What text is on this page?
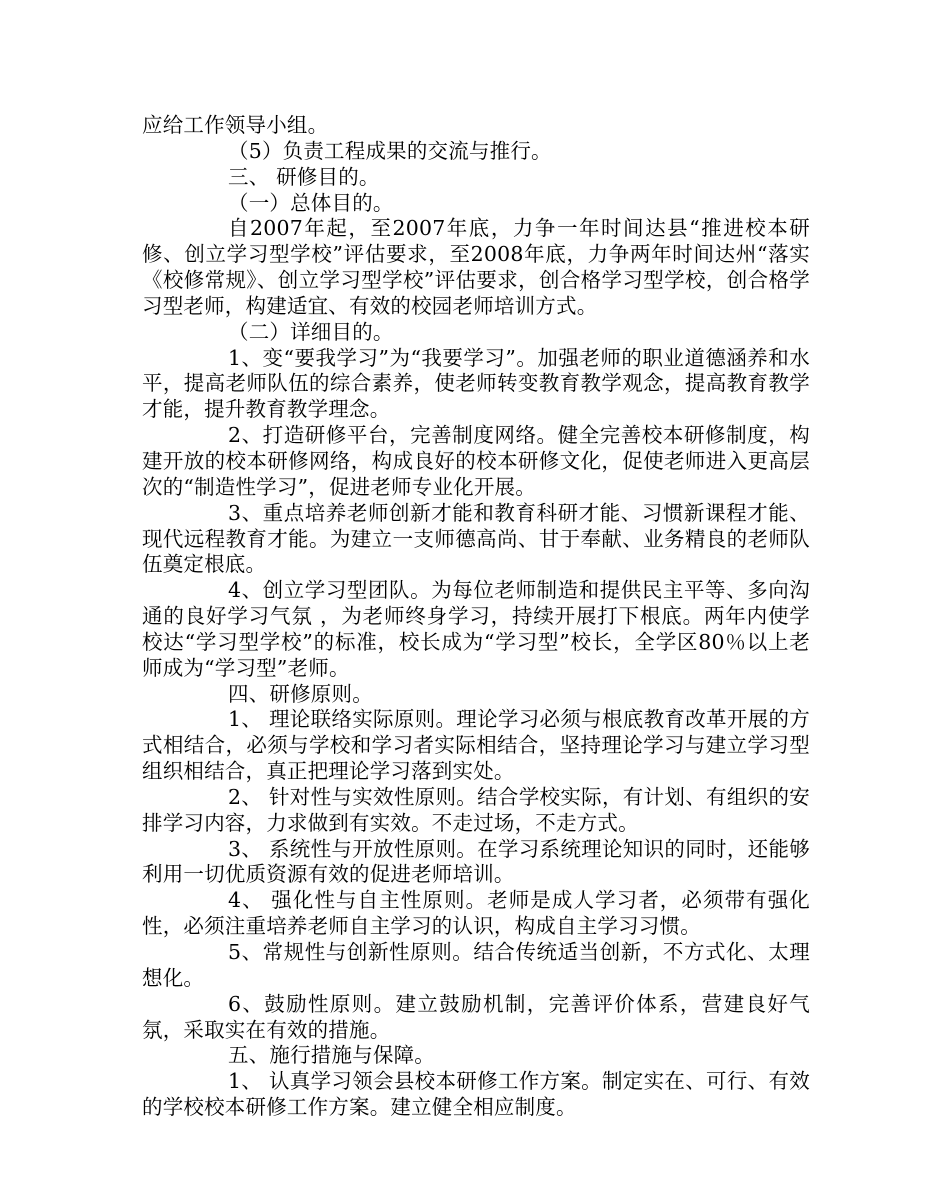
应给工作领导小组。

（5）负责工程成果的交流与推行。

三、 研修目的。

（一）总体目的。

自2007年起，至2007年底，力争一年时间达县“推进校本研修、创立学习型学校”评估要求，至2008年底，力争两年时间达州“落实《校修常规》、创立学习型学校”评估要求，创合格学习型学校，创合格学习型老师，构建适宜、有效的校园老师培训方式。

（二）详细目的。

1、变“要我学习”为“我要学习”。加强老师的职业道德涵养和水平，提高老师队伍的综合素养，使老师转变教育教学观念，提高教育教学才能，提升教育教学理念。

2、打造研修平台，完善制度网络。健全完善校本研修制度，构建开放的校本研修网络，构成良好的校本研修文化，促使老师进入更高层次的“制造性学习”，促进老师专业化开展。

3、重点培养老师创新才能和教育科研才能、习惯新课程才能、现代远程教育才能。为建立一支师德高尚、甘于奉献、业务精良的老师队伍奠定根底。

4、创立学习型团队。为每位老师制造和提供民主平等、多向沟通的良好学习气氛 ，为老师终身学习，持续开展打下根底。两年内使学校达“学习型学校”的标准，校长成为“学习型”校长，全学区80％以上老师成为“学习型”老师。

四、研修原则。

1、 理论联络实际原则。理论学习必须与根底教育改革开展的方式相结合，必须与学校和学习者实际相结合，坚持理论学习与建立学习型组织相结合，真正把理论学习落到实处。

2、 针对性与实效性原则。结合学校实际，有计划、有组织的安排学习内容，力求做到有实效。不走过场，不走方式。

3、 系统性与开放性原则。在学习系统理论知识的同时，还能够利用一切优质资源有效的促进老师培训。

4、 强化性与自主性原则。老师是成人学习者，必须带有强化性，必须注重培养老师自主学习的认识，构成自主学习习惯。

5、常规性与创新性原则。结合传统适当创新，不方式化、太理想化。

6、鼓励性原则。建立鼓励机制，完善评价体系，营建良好气氛，采取实在有效的措施。

五、施行措施与保障。

1、 认真学习领会县校本研修工作方案。制定实在、可行、有效的学校校本研修工作方案。建立健全相应制度。
